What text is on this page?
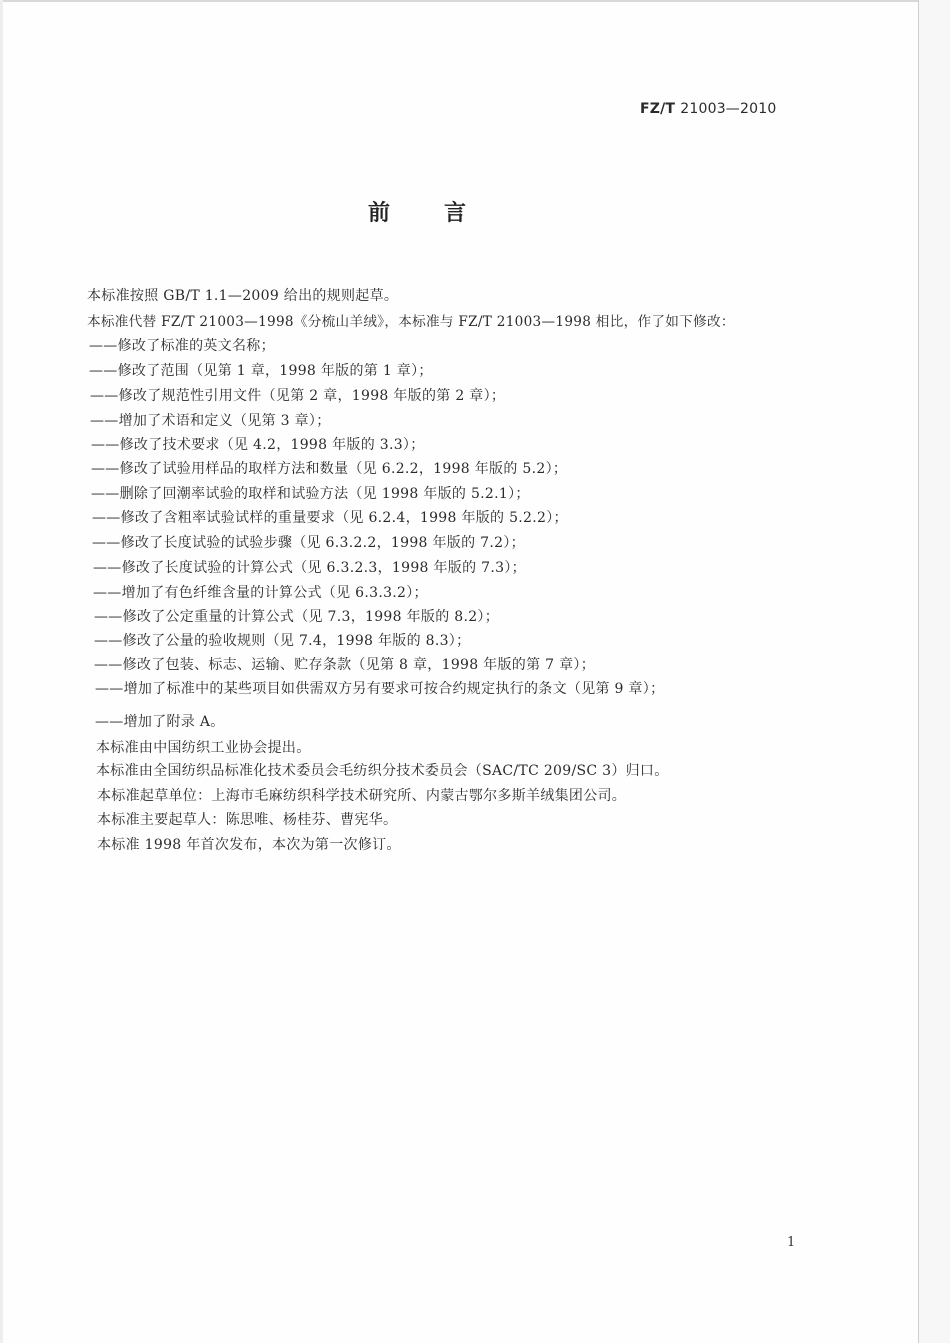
FZ/T 21003—2010
前言
本标准按照 GB/T 1.1—2009 给出的规则起草。
本标准代替 FZ/T 21003—1998《分梳山羊绒》，本标准与 FZ/T 21003—1998 相比，作了如下修改：
——修改了标准的英文名称；
——修改了范围（见第 1 章，1998 年版的第 1 章）；
——修改了规范性引用文件（见第 2 章，1998 年版的第 2 章）；
——增加了术语和定义（见第 3 章）；
——修改了技术要求（见 4.2，1998 年版的 3.3）；
——修改了试验用样品的取样方法和数量（见 6.2.2，1998 年版的 5.2）；
——删除了回潮率试验的取样和试验方法（见 1998 年版的 5.2.1）；
——修改了含粗率试验试样的重量要求（见 6.2.4，1998 年版的 5.2.2）；
——修改了长度试验的试验步骤（见 6.3.2.2，1998 年版的 7.2）；
——修改了长度试验的计算公式（见 6.3.2.3，1998 年版的 7.3）；
——增加了有色纤维含量的计算公式（见 6.3.3.2）；
——修改了公定重量的计算公式（见 7.3，1998 年版的 8.2）；
——修改了公量的验收规则（见 7.4，1998 年版的 8.3）；
——修改了包装、标志、运输、贮存条款（见第 8 章，1998 年版的第 7 章）；
——增加了标准中的某些项目如供需双方另有要求可按合约规定执行的条文（见第 9 章）；
——增加了附录 A。
本标准由中国纺织工业协会提出。
本标准由全国纺织品标准化技术委员会毛纺织分技术委员会（SAC/TC 209/SC 3）归口。
本标准起草单位：上海市毛麻纺织科学技术研究所、内蒙古鄂尔多斯羊绒集团公司。
本标准主要起草人：陈思唯、杨桂芬、曹宪华。
本标准 1998 年首次发布，本次为第一次修订。
1
